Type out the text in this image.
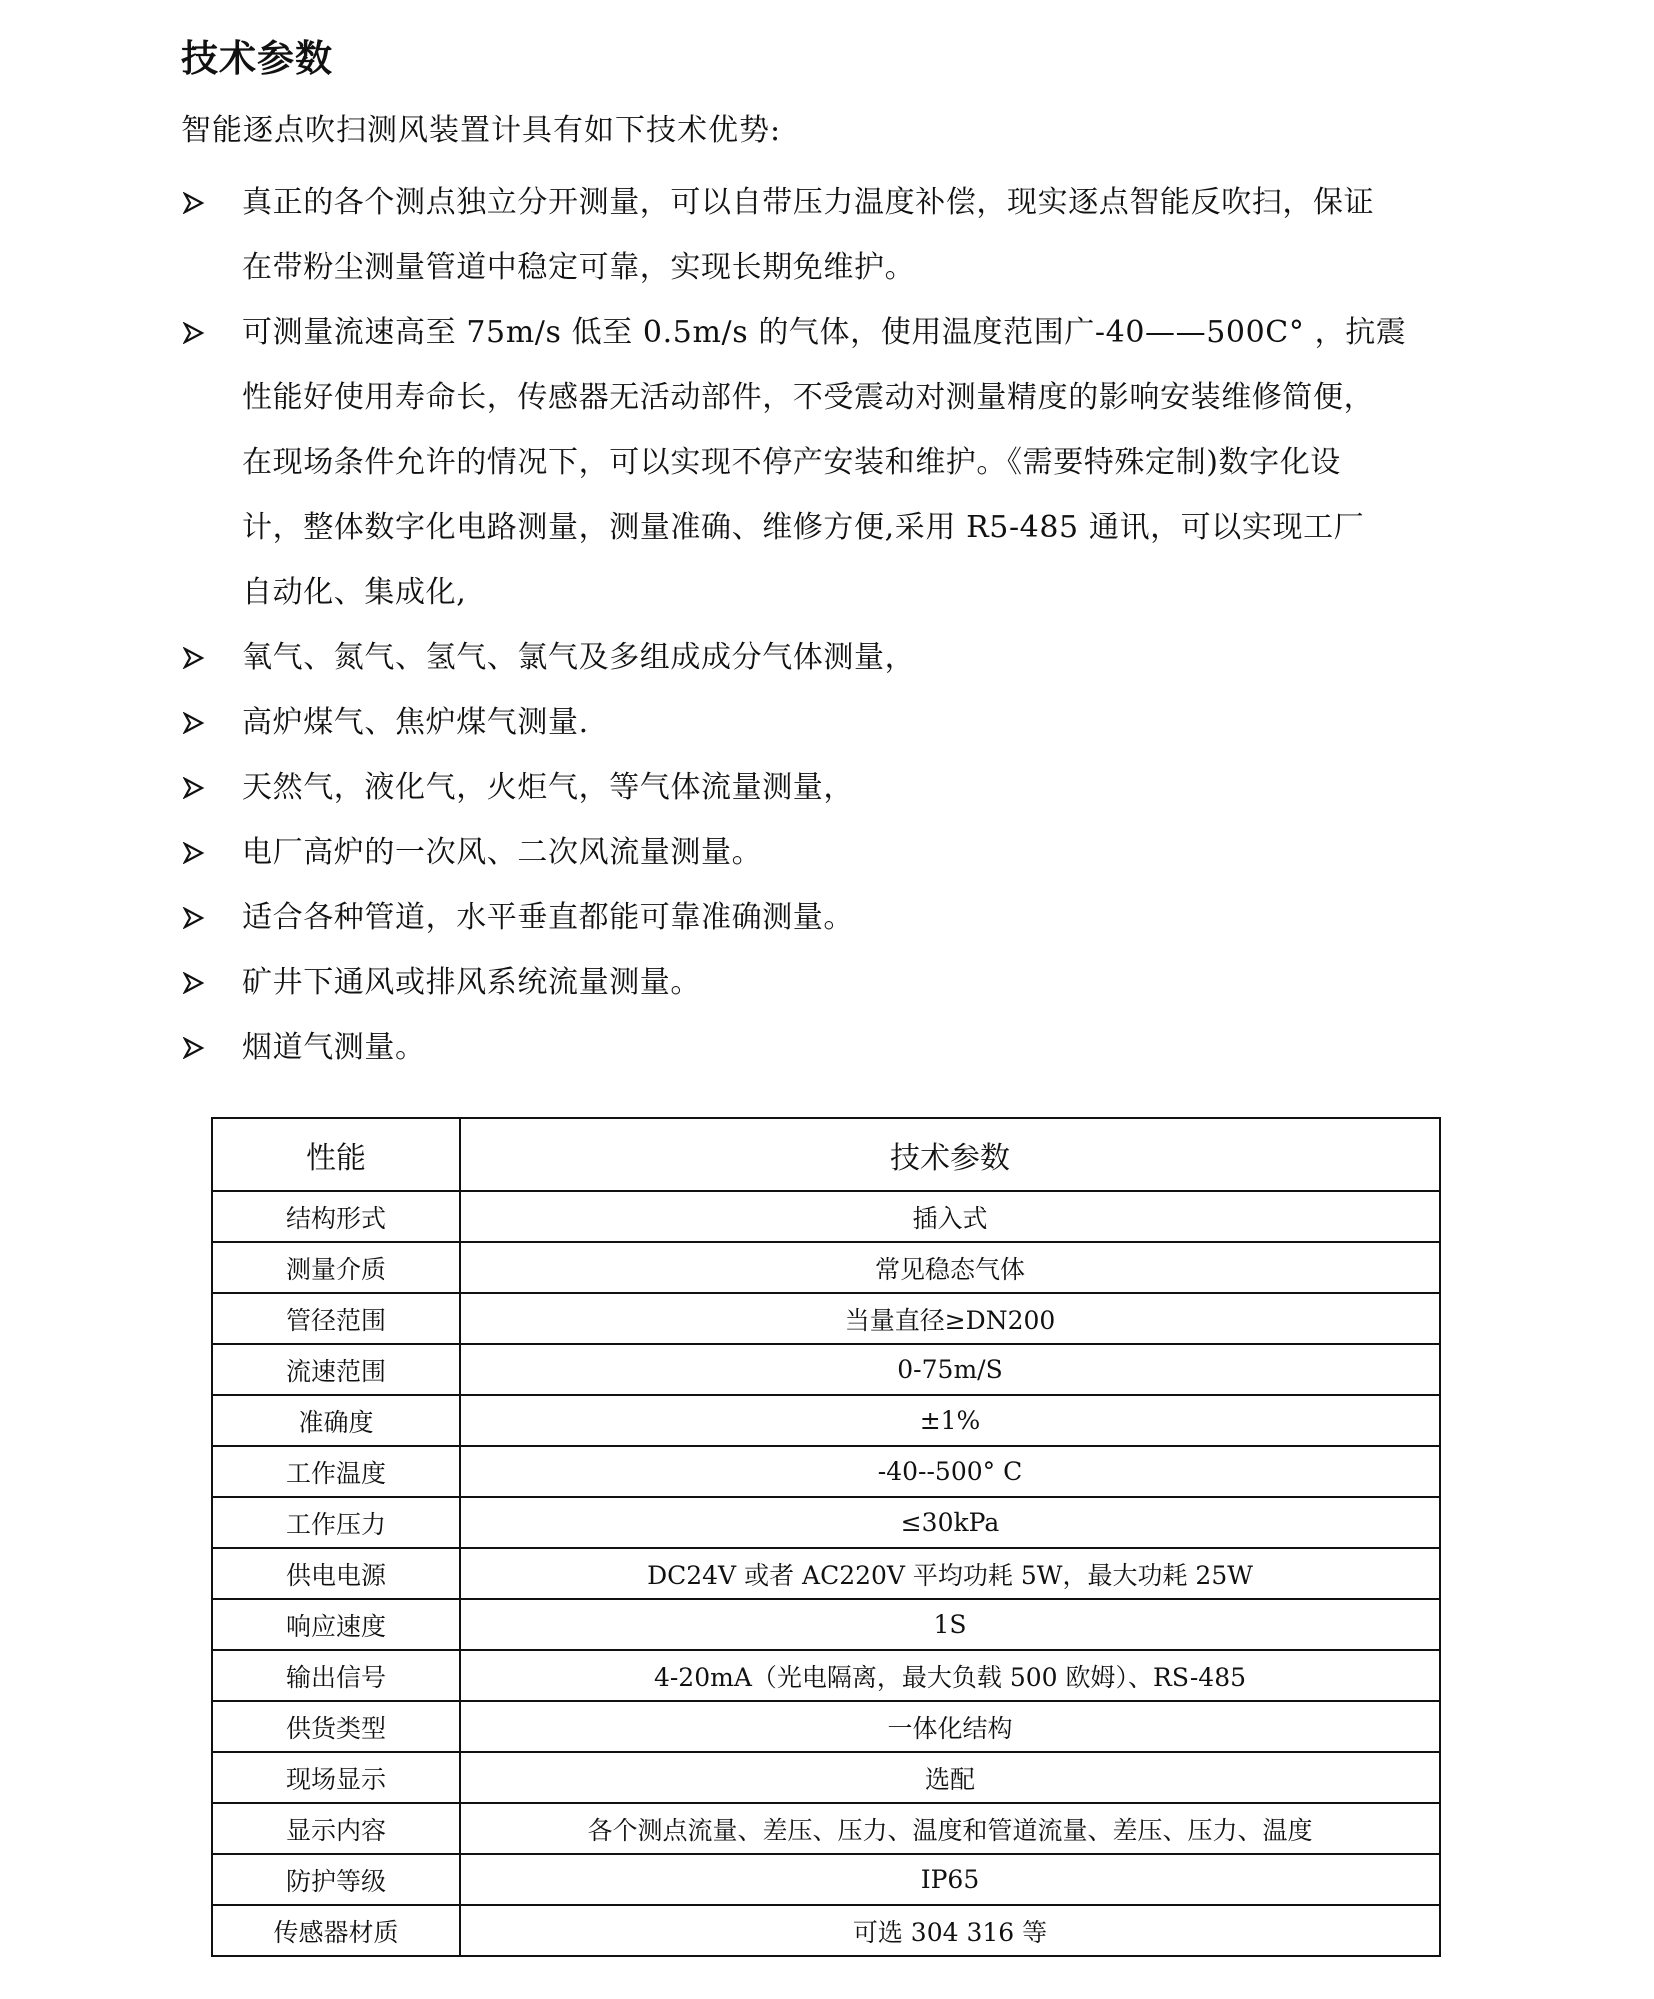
技术参数
智能逐点吹扫测风装置计具有如下技术优势:
真正的各个测点独立分开测量，可以自带压力温度补偿，现实逐点智能反吹扫，保证
在带粉尘测量管道中稳定可靠，实现长期免维护。
可测量流速高至 75m/s 低至 0.5m/s 的气体，使用温度范围广-40——500C° ，抗震
性能好使用寿命长，传感器无活动部件，不受震动对测量精度的影响安装维修简便，
在现场条件允许的情况下，可以实现不停产安装和维护。《需要特殊定制)数字化设
计，整体数字化电路测量，测量准确、维修方便,采用 R5-485 通讯，可以实现工厂
自动化、集成化,
氧气、氮气、氢气、氯气及多组成成分气体测量，
高炉煤气、焦炉煤气测量.
天然气，液化气，火炬气，等气体流量测量，
电厂高炉的一次风、二次风流量测量。
适合各种管道，水平垂直都能可靠准确测量。
矿井下通风或排风系统流量测量。
烟道气测量。
性能	技术参数
结构形式	插入式
测量介质	常见稳态气体
管径范围	当量直径≥DN200
流速范围	0-75m/S
准确度	±1%
工作温度	-40--500° C
工作压力	≤30kPa
供电电源	DC24V 或者 AC220V 平均功耗 5W，最大功耗 25W
响应速度	1S
输出信号	4-20mA（光电隔离，最大负载 500 欧姆）、RS-485
供货类型	一体化结构
现场显示	选配
显示内容	各个测点流量、差压、压力、温度和管道流量、差压、压力、温度
防护等级	IP65
传感器材质	可选 304 316 等
